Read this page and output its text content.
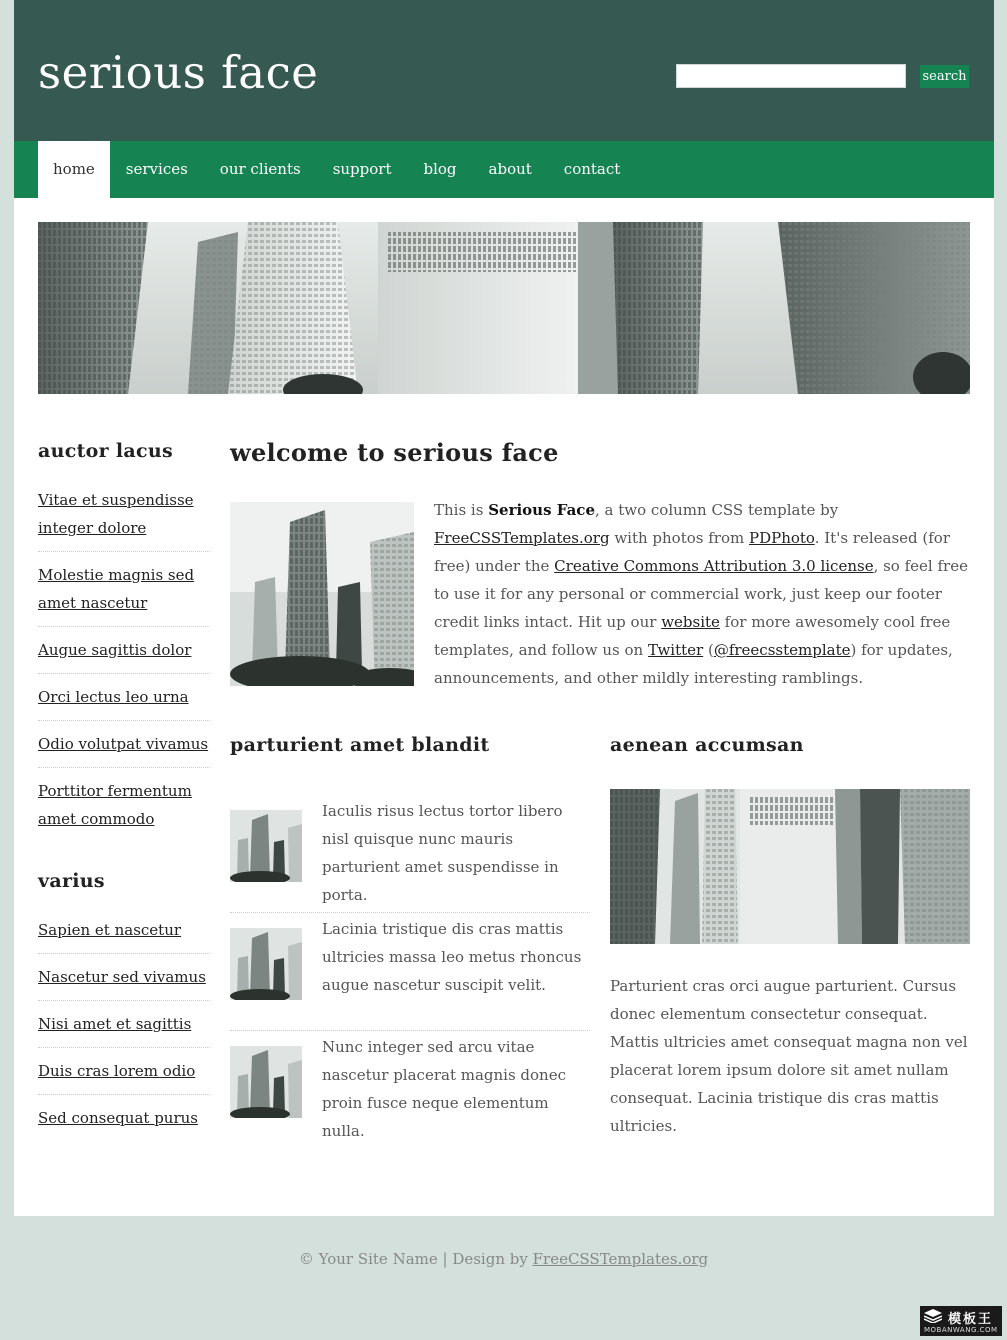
serious face	search
home services our clients support blog about contact
auctor lacus
Vitae et suspendisse integer dolore
Molestie magnis sed amet nascetur
Augue sagittis dolor
Orci lectus leo urna
Odio volutpat vivamus
Porttitor fermentum amet commodo
varius
Sapien et nascetur
Nascetur sed vivamus
Nisi amet et sagittis
Duis cras lorem odio
Sed consequat purus
welcome to serious face
This is Serious Face, a two column CSS template by FreeCSSTemplates.org with photos from PDPhoto. It's released (for free) under the Creative Commons Attribution 3.0 license, so feel free to use it for any personal or commercial work, just keep our footer credit links intact. Hit up our website for more awesomely cool free templates, and follow us on Twitter (@freecsstemplate) for updates, announcements, and other mildly interesting ramblings.
parturient amet blandit
Iaculis risus lectus tortor libero nisl quisque nunc mauris parturient amet suspendisse in porta.
Lacinia tristique dis cras mattis ultricies massa leo metus rhoncus augue nascetur suscipit velit.
Nunc integer sed arcu vitae nascetur placerat magnis donec proin fusce neque elementum nulla.
aenean accumsan
Parturient cras orci augue parturient. Cursus donec elementum consectetur consequat. Mattis ultricies amet consequat magna non vel placerat lorem ipsum dolore sit amet nullam consequat. Lacinia tristique dis cras mattis ultricies.
© Your Site Name | Design by FreeCSSTemplates.org
模板王
MOBANWANG.COM
